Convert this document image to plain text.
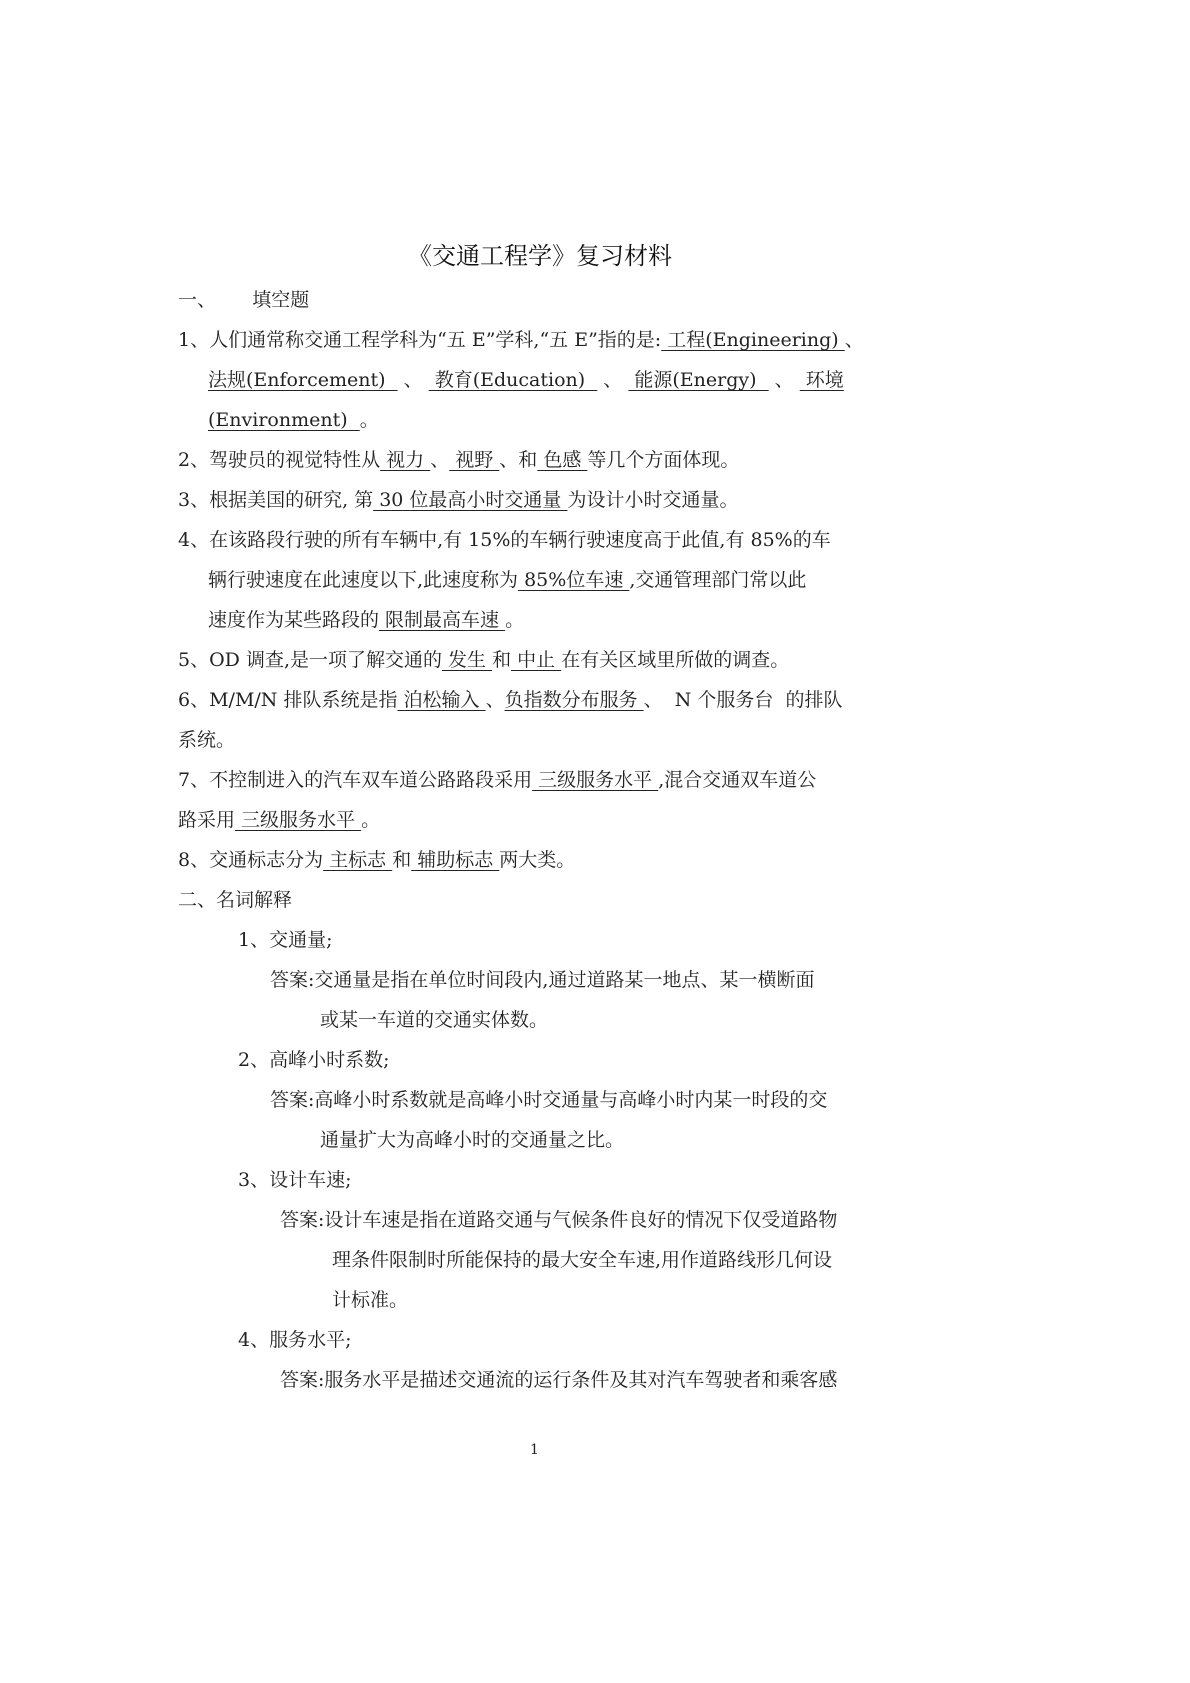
《交通工程学》复习材料
一、      填空题
1、人们通常称交通工程学科为“五 E”学科,“五 E”指的是: 工程(Engineering) 、
法规(Enforcement)   、  教育(Education)   、  能源(Energy)   、  环境
(Environment)  。
2、驾驶员的视觉特性从 视力 、 视野 、和 色感 等几个方面体现。
3、根据美国的研究, 第 30 位最高小时交通量 为设计小时交通量。
4、在该路段行驶的所有车辆中,有 15%的车辆行驶速度高于此值,有 85%的车
辆行驶速度在此速度以下,此速度称为 85%位车速 ,交通管理部门常以此
速度作为某些路段的 限制最高车速 。
5、OD 调查,是一项了解交通的 发生 和 中止 在有关区域里所做的调查。
6、M/M/N 排队系统是指 泊松输入 、负指数分布服务 、  N 个服务台  的排队
系统。
7、不控制进入的汽车双车道公路路段采用 三级服务水平 ,混合交通双车道公
路采用 三级服务水平 。
8、交通标志分为 主标志 和 辅助标志 两大类。
二、名词解释
1、交通量;
答案:交通量是指在单位时间段内,通过道路某一地点、某一横断面
或某一车道的交通实体数。
2、高峰小时系数;
答案:高峰小时系数就是高峰小时交通量与高峰小时内某一时段的交
通量扩大为高峰小时的交通量之比。
3、设计车速;
答案:设计车速是指在道路交通与气候条件良好的情况下仅受道路物
理条件限制时所能保持的最大安全车速,用作道路线形几何设
计标准。
4、服务水平;
答案:服务水平是描述交通流的运行条件及其对汽车驾驶者和乘客感
1
